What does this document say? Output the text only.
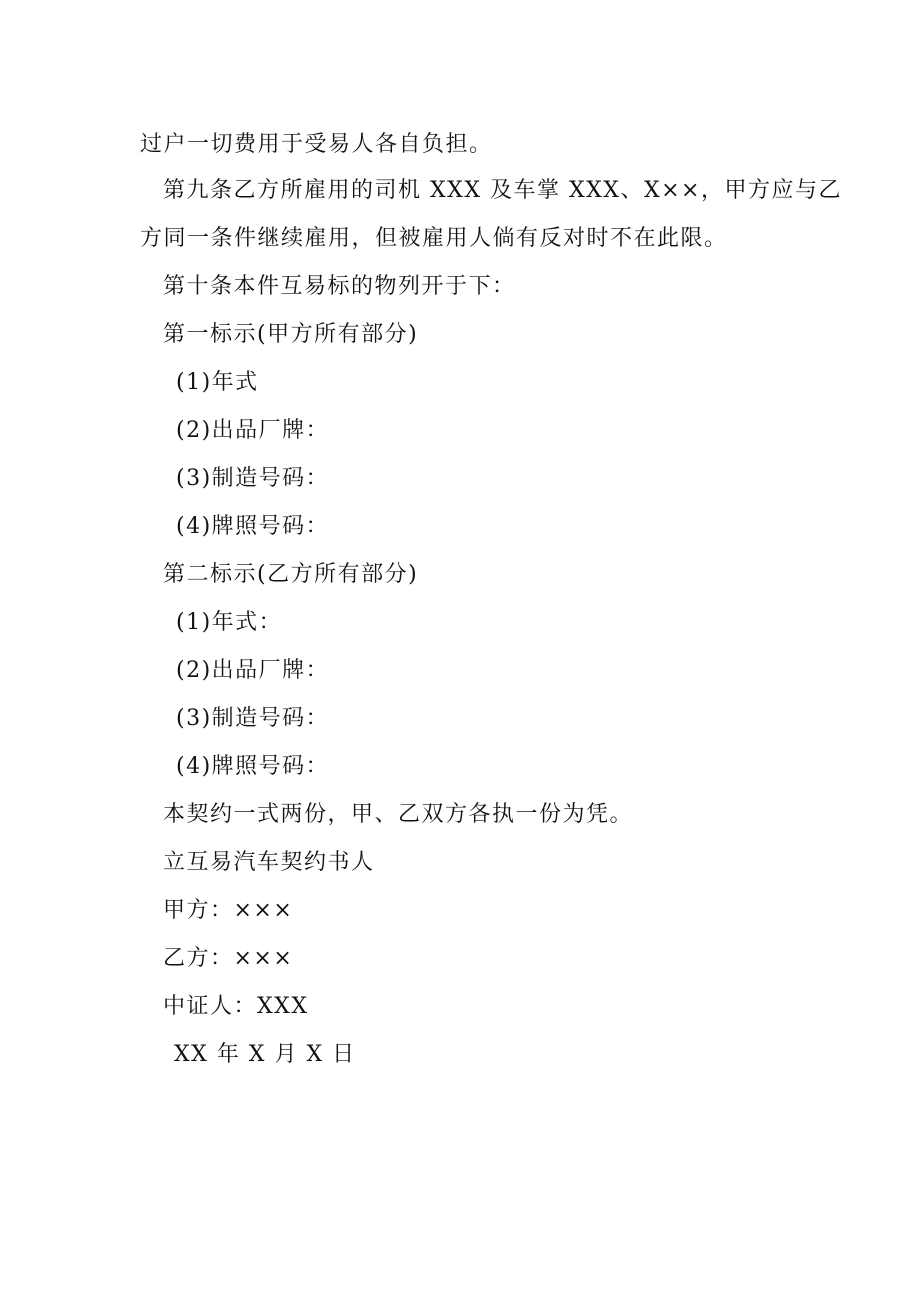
过户一切费用于受易人各自负担。
第九条乙方所雇用的司机 XXX 及车掌 XXX、X××，甲方应与乙
方同一条件继续雇用，但被雇用人倘有反对时不在此限。
第十条本件互易标的物列开于下：
第一标示(甲方所有部分)
(1)年式
(2)出品厂牌：
(3)制造号码：
(4)牌照号码：
第二标示(乙方所有部分)
(1)年式：
(2)出品厂牌：
(3)制造号码：
(4)牌照号码：
本契约一式两份，甲、乙双方各执一份为凭。
立互易汽车契约书人
甲方：×××
乙方：×××
中证人：XXX
XX 年 X 月 X 日
